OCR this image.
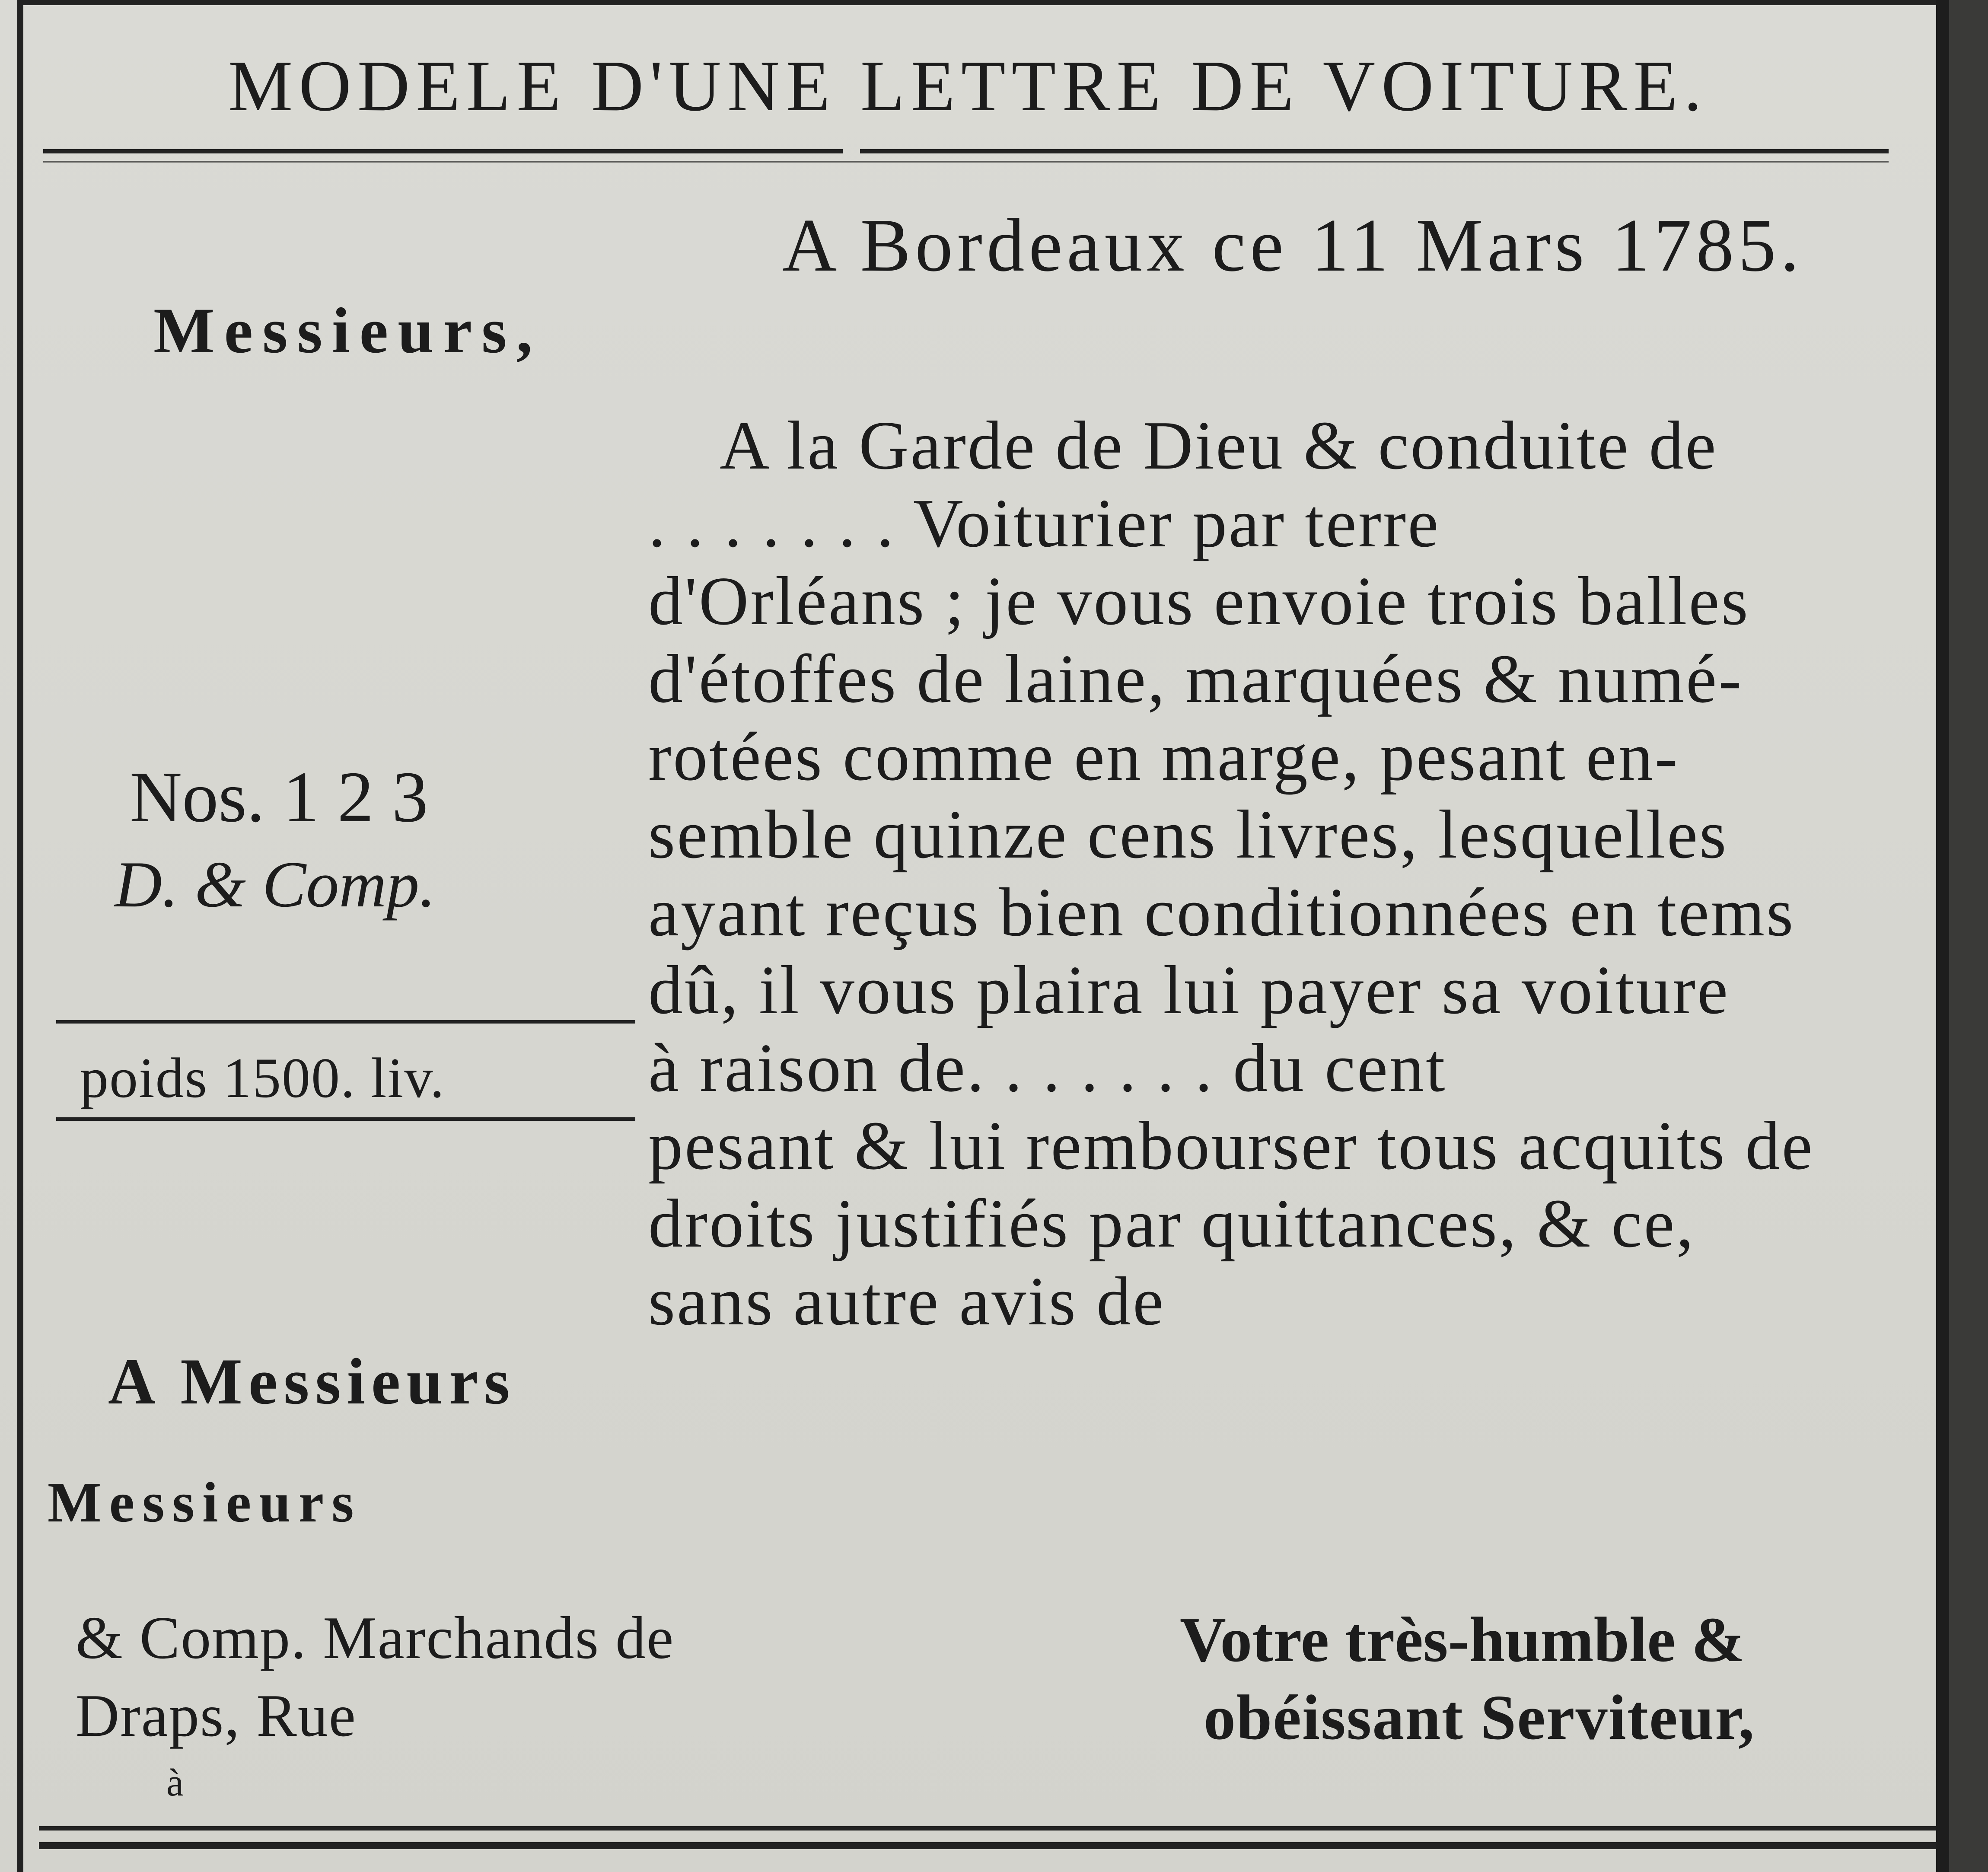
MODELE D'UNE LETTRE DE VOITURE.
A Bordeaux ce 11 Mars 1785.
Messieurs,
A la Garde de Dieu & conduite de
. . . . . . . Voiturier par terre
d'Orléans ; je vous envoie trois balles
d'étoffes de laine, marquées & numé-
rotées comme en marge, pesant en-
semble quinze cens livres, lesquelles
ayant reçus bien conditionnées en tems
dû, il vous plaira lui payer sa voiture
à raison de. . . . . . . du cent
pesant & lui rembourser tous acquits de
droits justifiés par quittances, & ce,
sans autre avis de
Nos. 1 2 3
D. & Comp.
poids 1500. liv.
A Messieurs
Messieurs
& Comp. Marchands de
Draps, Rue
à
Votre très-humble &
obéissant Serviteur,
